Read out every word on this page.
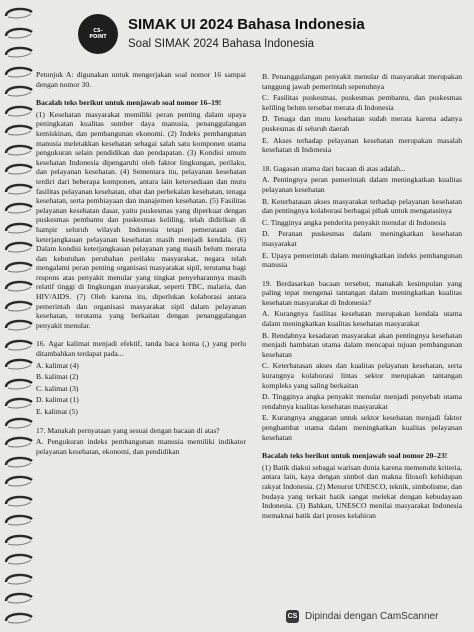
CS-POINT
SIMAK UI 2024 Bahasa Indonesia
Soal SIMAK 2024 Bahasa Indonesia

Petunjuk A: digunakan untuk mengerjakan soal nomor 16 sampai dengan nomor 30.

Bacalah teks berikut untuk menjawab soal nomor 16–19!

(1) Kesehatan masyarakat memiliki peran penting dalam upaya peningkatan kualitas sumber daya manusia, penanggulangan kemiskinan, dan pembangunan ekonomi. (2) Indeks pembangunan manusia meletakkan kesehatan sebagai salah satu komponen utama pengukuran selain pendidikan dan pendapatan. (3) Kondisi umum kesehatan Indonesia dipengaruhi oleh faktor lingkungan, perilaku, dan pelayanan kesehatan. (4) Sementara itu, pelayanan kesehatan terdiri dari beberapa komponen, antara lain ketersediaan dan mutu fasilitas pelayanan kesehatan, obat dan perbekalan kesehatan, tenaga kesehatan, serta pembiayaan dan manajemen kesehatan. (5) Fasilitas pelayanan kesehatan dasar, yaitu puskesmas yang diperkuat dengan puskesmas pembantu dan puskesmas keliling, telah didirikan di hampir seluruh wilayah Indonesia tetapi pemerataan dan keterjangkauan pelayanan kesehatan masih menjadi kendala. (6) Dalam kondisi keterjangkauan pelayanan yang masih belum merata dan kebutuhan perubahan perilaku masyarakat, negara telah mengalami peran penting organisasi masyarakat sipil, terutama bagi respons atas penyakit menular yang tingkat penyebarannya masih relatif tinggi di lingkungan masyarakat, seperti TBC, malaria, dan HIV/AIDS. (7) Oleh karena itu, diperlukan kolaborasi antara pemerintah dan organisasi masyarakat sipil dalam pelayanan kesehatan, terutama yang berkaitan dengan penanggulangan penyakit menular.

16. Agar kalimat menjadi efektif, tanda baca koma (,) yang perlu ditambahkan terdapat pada...

A. kalimat (4)

B. kalimat (2)

C. kalimat (3)

D. kalimat (1)

E. kalimat (5)

17. Manakah pernyataan yang sesuai dengan bacaan di atas?

A. Pengukuran indeks pembangunan manusia memiliki indikator pelayanan kesehatan, ekonomi, dan pendidikan

B. Penanggulangan penyakit menular di masyarakat merupakan tanggung jawab pemerintah sepenuhnya

C. Fasilitas puskesmas, puskesmas pembantu, dan puskesmas keliling belum tersebar merata di Indonesia

D. Tenaga dan mutu kesehatan sudah merata karena adanya puskesmas di seluruh daerah

E. Akses terhadap pelayanan kesehatan merupakan masalah kesehatan di Indonesia

18. Gagasan utama dari bacaan di atas adalah...

A. Pentingnya peran pemerintah dalam meningkatkan kualitas pelayanan kesehatan

B. Keterbatasan akses masyarakat terhadap pelayanan kesehatan dan pentingnya kolaborasi berbagai pihak untuk mengatasinya

C. Tingginya angka penderita penyakit menular di Indonesia

D. Peranan puskesmas dalam meningkatkan kesehatan masyarakat

E. Upaya pemerintah dalam meningkatkan indeks pembangunan manusia

19. Berdasarkan bacaan tersebut, manakah kesimpulan yang paling tepat mengenai tantangan dalam meningkatkan kualitas kesehatan masyarakat di Indonesia?

A. Kurangnya fasilitas kesehatan merupakan kendala utama dalam meningkatkan kualitas kesehatan masyarakat

B. Rendahnya kesadaran masyarakat akan pentingnya kesehatan menjadi hambatan utama dalam mencapai tujuan pembangunan kesehatan

C. Keterbatasan akses dan kualitas pelayanan kesehatan, serta kurangnya kolaborasi lintas sektor merupakan tantangan kompleks yang saling berkaitan

D. Tingginya angka penyakit menular menjadi penyebab utama rendahnya kualitas kesehatan masyarakat

E. Kurangnya anggaran untuk sektor kesehatan menjadi faktor penghambat utama dalam meningkatkan kualitas pelayanan kesehatan

Bacalah teks berikut untuk menjawab soal nomor 20–23!

(1) Batik diakui sebagai warisan dunia karena memenuhi kriteria, antara lain, kaya dengan simbol dan makna filosofi kehidupan rakyat Indonesia. (2) Menurut UNESCO, teknik, simbolisme, dan budaya yang terkait batik sangat melekat dengan kebudayaan Indonesia. (3) Bahkan, UNESCO menilai masyarakat Indonesia memaknai batik dari proses kelahiran

CS Dipindai dengan CamScanner
